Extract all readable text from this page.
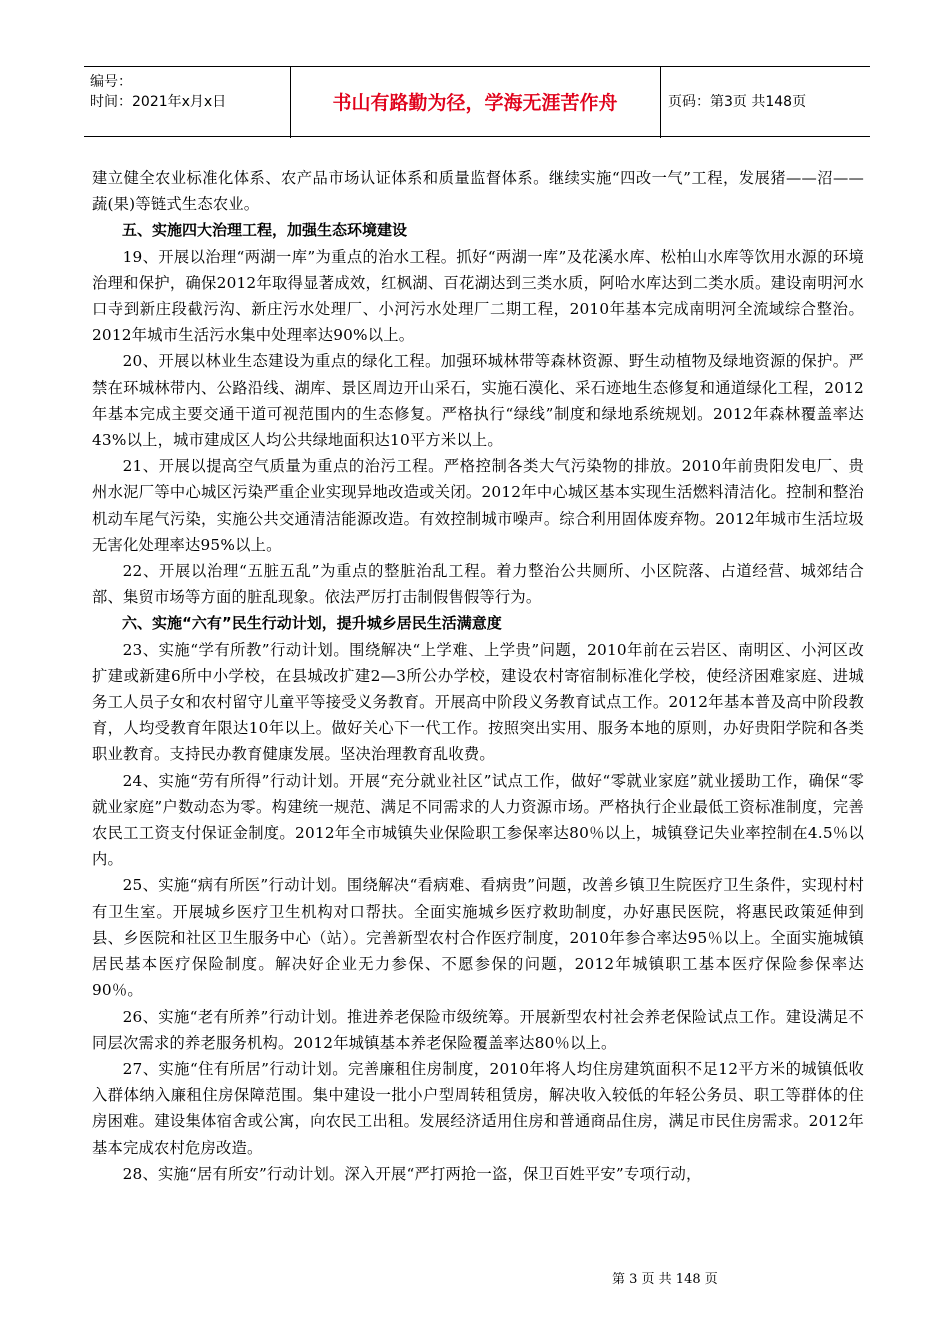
编号：
时间：2021年x月x日	书山有路勤为径，学海无涯苦作舟	页码：第3页 共148页

建立健全农业标准化体系、农产品市场认证体系和质量监督体系。继续实施“四改一气”工程，发展猪——沼——蔬(果)等链式生态农业。

五、实施四大治理工程，加强生态环境建设

19、开展以治理“两湖一库”为重点的治水工程。抓好“两湖一库”及花溪水库、松柏山水库等饮用水源的环境治理和保护，确保2012年取得显著成效，红枫湖、百花湖达到三类水质，阿哈水库达到二类水质。建设南明河水口寺到新庄段截污沟、新庄污水处理厂、小河污水处理厂二期工程，2010年基本完成南明河全流域综合整治。2012年城市生活污水集中处理率达90%以上。

20、开展以林业生态建设为重点的绿化工程。加强环城林带等森林资源、野生动植物及绿地资源的保护。严禁在环城林带内、公路沿线、湖库、景区周边开山采石，实施石漠化、采石迹地生态修复和通道绿化工程，2012年基本完成主要交通干道可视范围内的生态修复。严格执行“绿线”制度和绿地系统规划。2012年森林覆盖率达43%以上，城市建成区人均公共绿地面积达10平方米以上。

21、开展以提高空气质量为重点的治污工程。严格控制各类大气污染物的排放。2010年前贵阳发电厂、贵州水泥厂等中心城区污染严重企业实现异地改造或关闭。2012年中心城区基本实现生活燃料清洁化。控制和整治机动车尾气污染，实施公共交通清洁能源改造。有效控制城市噪声。综合利用固体废弃物。2012年城市生活垃圾无害化处理率达95%以上。

22、开展以治理“五脏五乱”为重点的整脏治乱工程。着力整治公共厕所、小区院落、占道经营、城郊结合部、集贸市场等方面的脏乱现象。依法严厉打击制假售假等行为。

六、实施“六有”民生行动计划，提升城乡居民生活满意度

23、实施“学有所教”行动计划。围绕解决“上学难、上学贵”问题，2010年前在云岩区、南明区、小河区改扩建或新建6所中小学校，在县城改扩建2—3所公办学校，建设农村寄宿制标准化学校，使经济困难家庭、进城务工人员子女和农村留守儿童平等接受义务教育。开展高中阶段义务教育试点工作。2012年基本普及高中阶段教育，人均受教育年限达10年以上。做好关心下一代工作。按照突出实用、服务本地的原则，办好贵阳学院和各类职业教育。支持民办教育健康发展。坚决治理教育乱收费。

24、实施“劳有所得”行动计划。开展“充分就业社区”试点工作，做好“零就业家庭”就业援助工作，确保“零就业家庭”户数动态为零。构建统一规范、满足不同需求的人力资源市场。严格执行企业最低工资标准制度，完善农民工工资支付保证金制度。2012年全市城镇失业保险职工参保率达80％以上，城镇登记失业率控制在4.5％以内。

25、实施“病有所医”行动计划。围绕解决“看病难、看病贵”问题，改善乡镇卫生院医疗卫生条件，实现村村有卫生室。开展城乡医疗卫生机构对口帮扶。全面实施城乡医疗救助制度，办好惠民医院，将惠民政策延伸到县、乡医院和社区卫生服务中心（站）。完善新型农村合作医疗制度，2010年参合率达95％以上。全面实施城镇居民基本医疗保险制度。解决好企业无力参保、不愿参保的问题，2012年城镇职工基本医疗保险参保率达90％。

26、实施“老有所养”行动计划。推进养老保险市级统筹。开展新型农村社会养老保险试点工作。建设满足不同层次需求的养老服务机构。2012年城镇基本养老保险覆盖率达80％以上。

27、实施“住有所居”行动计划。完善廉租住房制度，2010年将人均住房建筑面积不足12平方米的城镇低收入群体纳入廉租住房保障范围。集中建设一批小户型周转租赁房，解决收入较低的年轻公务员、职工等群体的住房困难。建设集体宿舍或公寓，向农民工出租。发展经济适用住房和普通商品住房，满足市民住房需求。2012年基本完成农村危房改造。

28、实施“居有所安”行动计划。深入开展“严打两抢一盗，保卫百姓平安”专项行动，

第 3 页 共 148 页
